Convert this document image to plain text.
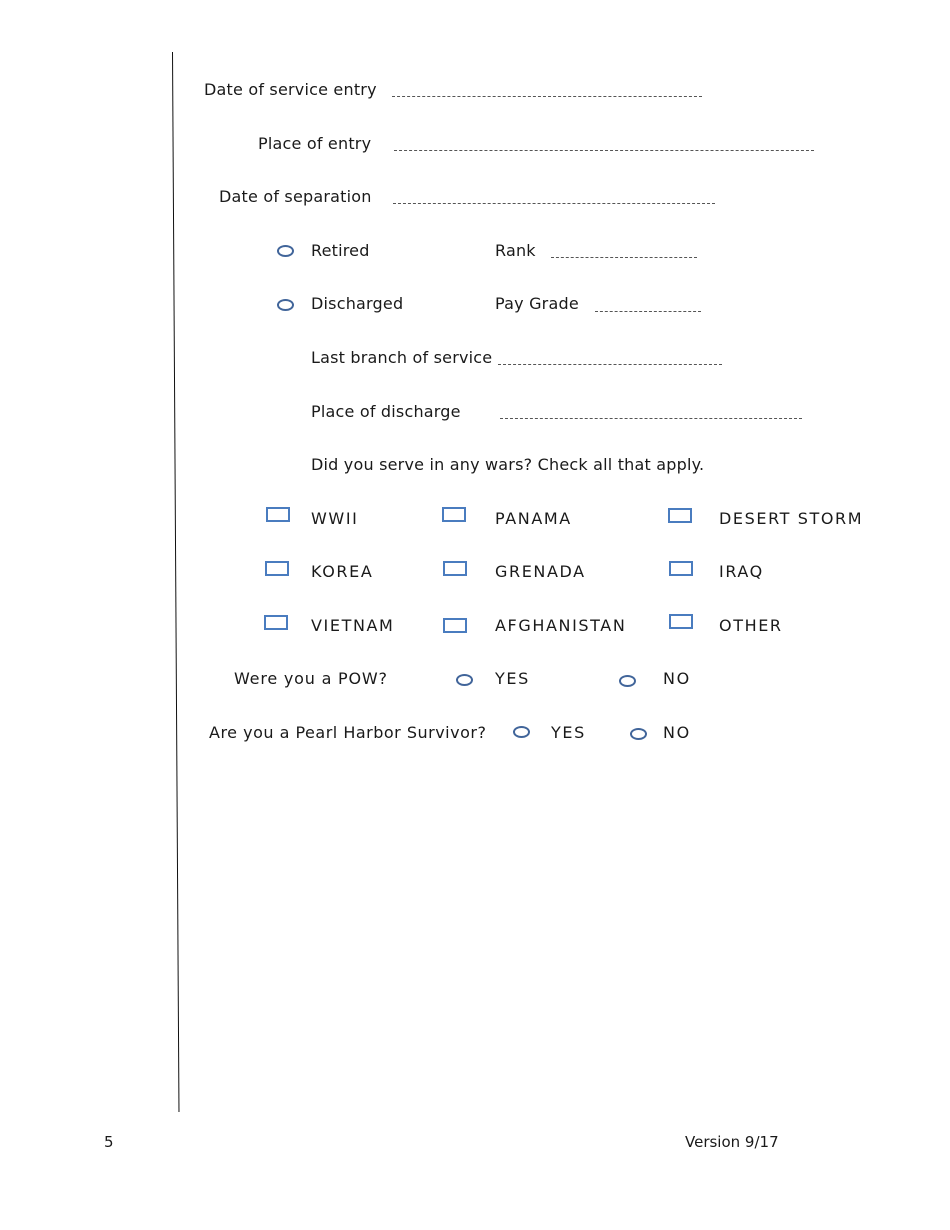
Date of service entry
Place of entry
Date of separation
Retired	Rank
Discharged	Pay Grade
Last branch of service
Place of discharge
Did you serve in any wars? Check all that apply.
WWII	PANAMA	DESERT STORM
KOREA	GRENADA	IRAQ
VIETNAM	AFGHANISTAN	OTHER
Were you a POW?	YES	NO
Are you a Pearl Harbor Survivor?	YES	NO
5	Version 9/17
